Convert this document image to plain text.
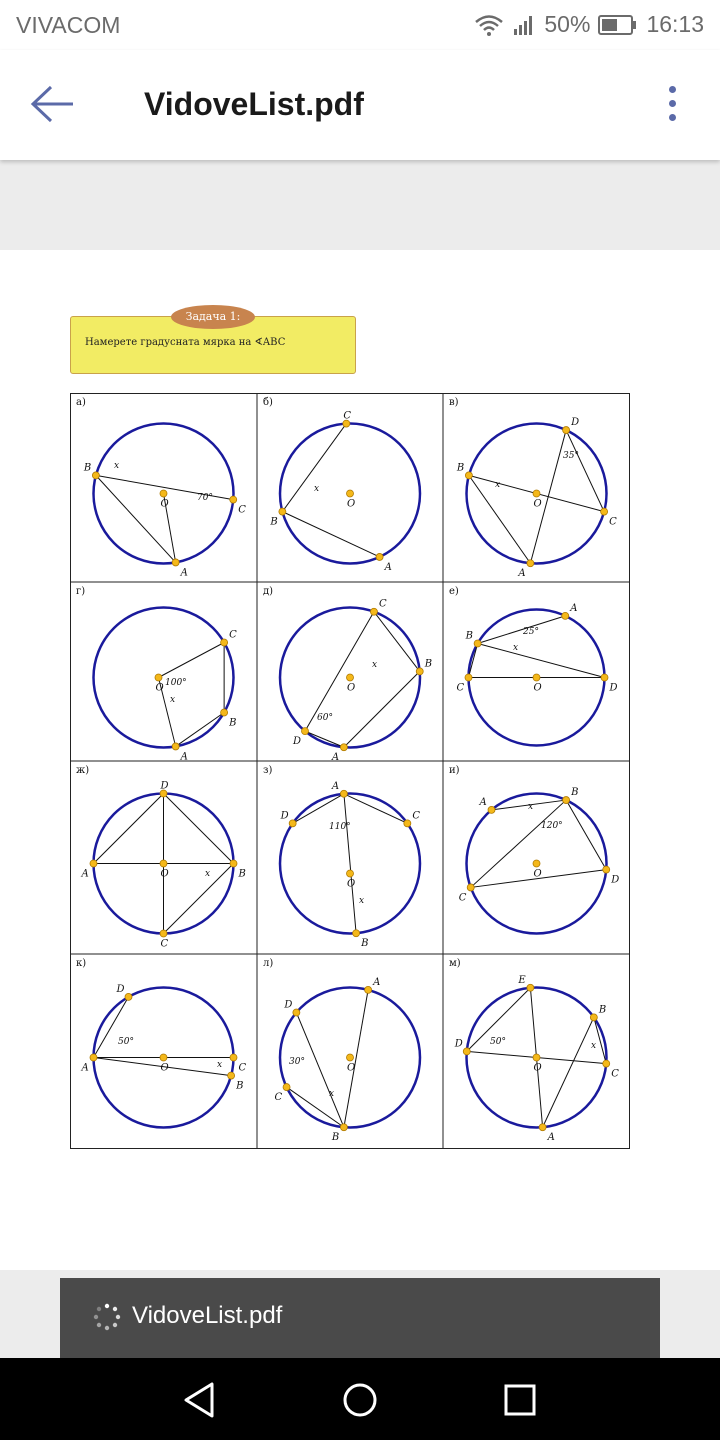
VIVACOM	50% 16:13
VidoveList.pdf
Задача 1:
Намерете градусната мярка на ∢ABC
а)
B
C
A
O
x
70°
б)
C
B
A
O
x
в)
B
D
C
A
O
35°
x
г)
C
B
A
O 100°
x
д)
C
B
A
D
O
60°
x
е)
B
A
C	D
O
25°
x
ж)
D
A	B
C
O	x
з)
A
D	C
B
O
110°
x
и)
A
B
C
D
O
120°
x
к)
D
A	C
B
O
50°
x
л)
A
D
C
B
O
30°
x
м)
E
D
B
C
A
O
50°	x
VidoveList.pdf
